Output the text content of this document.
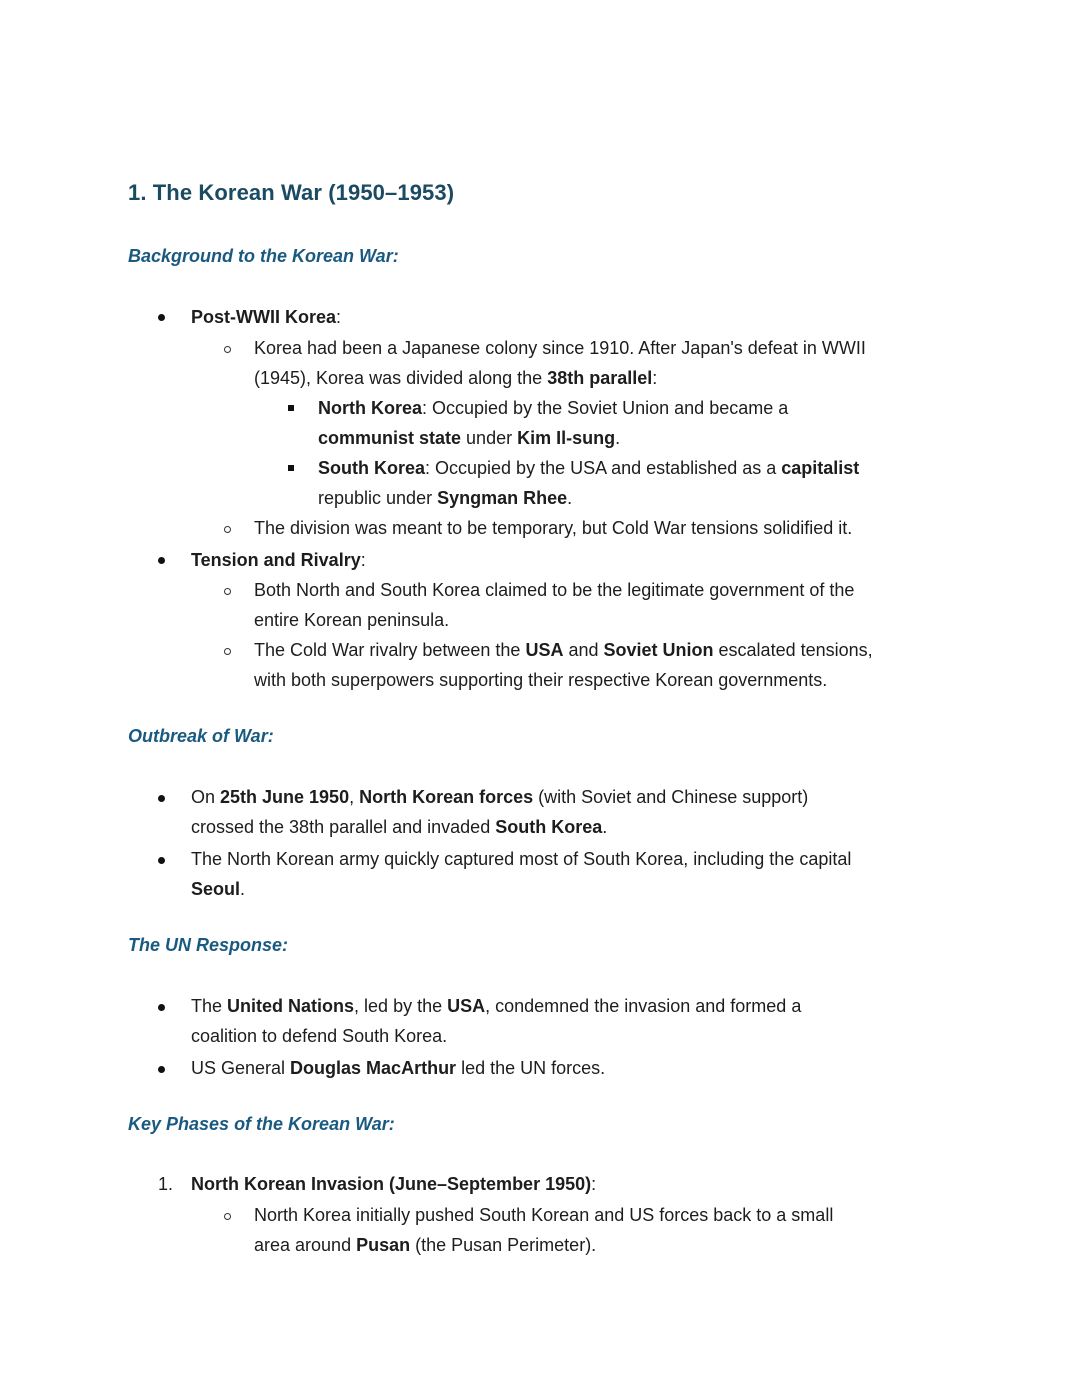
1. The Korean War (1950–1953)
Background to the Korean War:
Post-WWII Korea:
Korea had been a Japanese colony since 1910. After Japan's defeat in WWII
(1945), Korea was divided along the 38th parallel:
North Korea: Occupied by the Soviet Union and became a
communist state under Kim Il-sung.
South Korea: Occupied by the USA and established as a capitalist
republic under Syngman Rhee.
The division was meant to be temporary, but Cold War tensions solidified it.
Tension and Rivalry:
Both North and South Korea claimed to be the legitimate government of the
entire Korean peninsula.
The Cold War rivalry between the USA and Soviet Union escalated tensions,
with both superpowers supporting their respective Korean governments.
Outbreak of War:
On 25th June 1950, North Korean forces (with Soviet and Chinese support)
crossed the 38th parallel and invaded South Korea.
The North Korean army quickly captured most of South Korea, including the capital
Seoul.
The UN Response:
The United Nations, led by the USA, condemned the invasion and formed a
coalition to defend South Korea.
US General Douglas MacArthur led the UN forces.
Key Phases of the Korean War:
1. North Korean Invasion (June–September 1950):
North Korea initially pushed South Korean and US forces back to a small
area around Pusan (the Pusan Perimeter).
